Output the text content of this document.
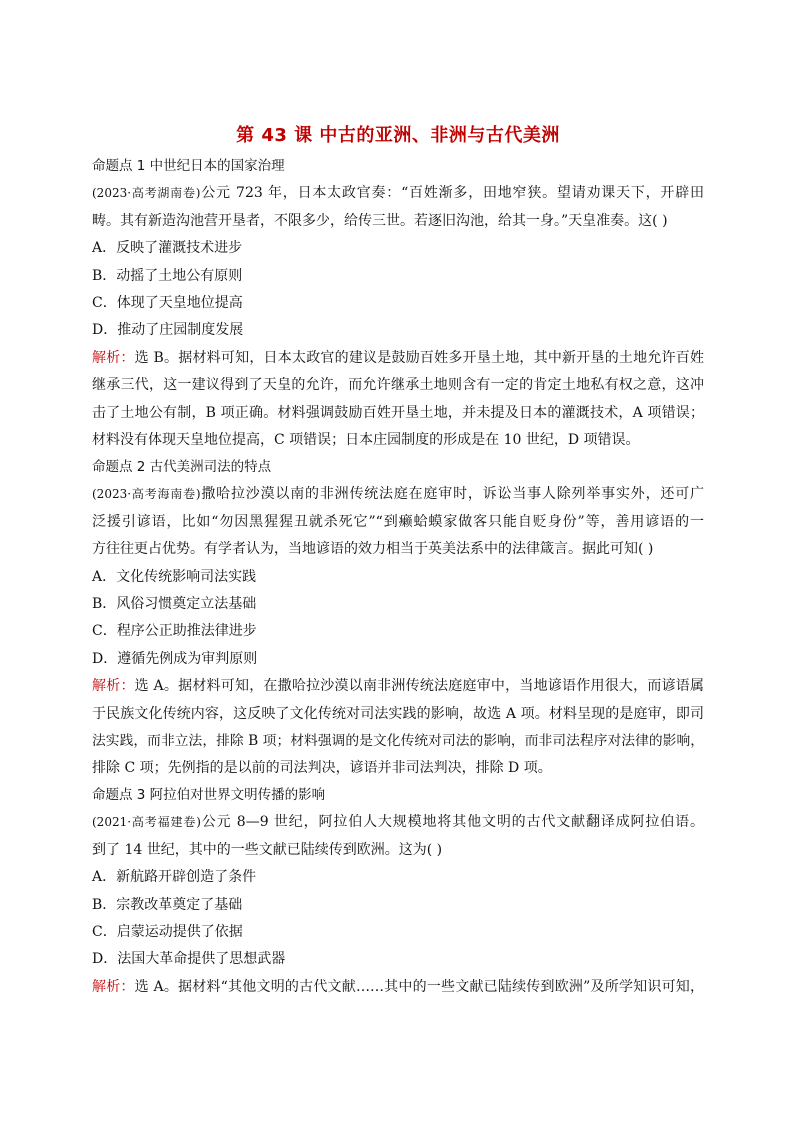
第 43 课 中古的亚洲、非洲与古代美洲
命题点 1 中世纪日本的国家治理
(2023·高考湖南卷)公元 723 年，日本太政官奏：“百姓渐多，田地窄狭。望请劝课天下，开辟田
畴。其有新造沟池营开垦者，不限多少，给传三世。若逐旧沟池，给其一身。”天皇准奏。这( )
A．反映了灌溉技术进步
B．动摇了土地公有原则
C．体现了天皇地位提高
D．推动了庄园制度发展
解析：选 B。据材料可知，日本太政官的建议是鼓励百姓多开垦土地，其中新开垦的土地允许百姓
继承三代，这一建议得到了天皇的允许，而允许继承土地则含有一定的肯定土地私有权之意，这冲
击了土地公有制，B 项正确。材料强调鼓励百姓开垦土地，并未提及日本的灌溉技术，A 项错误；
材料没有体现天皇地位提高，C 项错误；日本庄园制度的形成是在 10 世纪，D 项错误。
命题点 2 古代美洲司法的特点
(2023·高考海南卷)撒哈拉沙漠以南的非洲传统法庭在庭审时，诉讼当事人除列举事实外，还可广
泛援引谚语，比如“勿因黑猩猩丑就杀死它”“到癞蛤蟆家做客只能自贬身份”等，善用谚语的一
方往往更占优势。有学者认为，当地谚语的效力相当于英美法系中的法律箴言。据此可知( )
A．文化传统影响司法实践
B．风俗习惯奠定立法基础
C．程序公正助推法律进步
D．遵循先例成为审判原则
解析：选 A。据材料可知，在撒哈拉沙漠以南非洲传统法庭庭审中，当地谚语作用很大，而谚语属
于民族文化传统内容，这反映了文化传统对司法实践的影响，故选 A 项。材料呈现的是庭审，即司
法实践，而非立法，排除 B 项；材料强调的是文化传统对司法的影响，而非司法程序对法律的影响，
排除 C 项；先例指的是以前的司法判决，谚语并非司法判决，排除 D 项。
命题点 3 阿拉伯对世界文明传播的影响
(2021·高考福建卷)公元 8—9 世纪，阿拉伯人大规模地将其他文明的古代文献翻译成阿拉伯语。
到了 14 世纪，其中的一些文献已陆续传到欧洲。这为( )
A．新航路开辟创造了条件
B．宗教改革奠定了基础
C．启蒙运动提供了依据
D．法国大革命提供了思想武器
解析：选 A。据材料“其他文明的古代文献……其中的一些文献已陆续传到欧洲”及所学知识可知，
